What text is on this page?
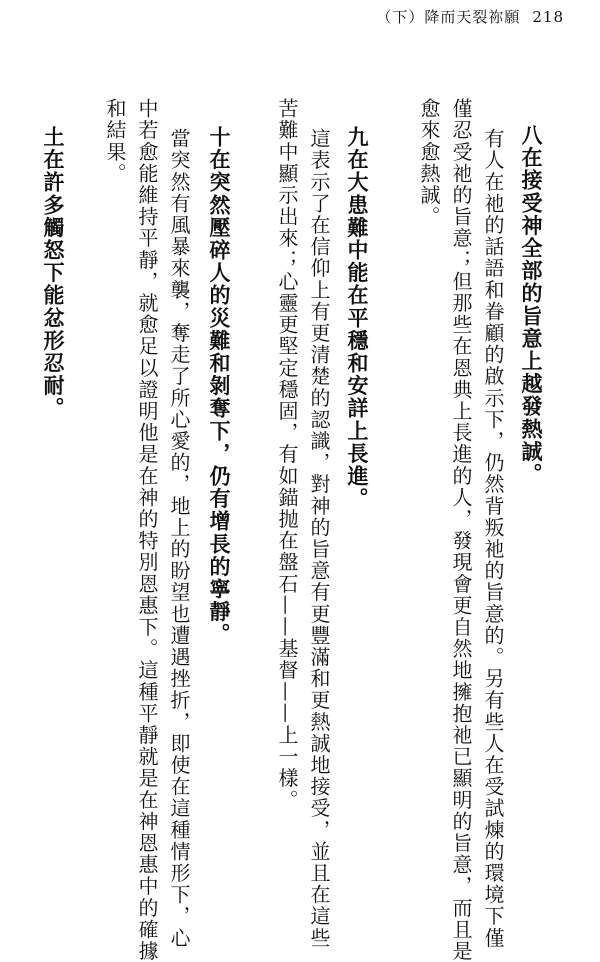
（下）降而天裂祢願 218
八在接受神全部的旨意上越發熱誠。
有人在祂的話語和眷顧的啟示下，仍然背叛祂的旨意的。另有些人在受試煉的環境下僅
僅忍受祂的旨意；但那些在恩典上長進的人，發現會更自然地擁抱祂已顯明的旨意，而且是
愈來愈熱誠。
九在大患難中能在平穩和安詳上長進。
這表示了在信仰上有更清楚的認識，對神的旨意有更豐滿和更熱誠地接受，並且在這些
苦難中顯示出來；心靈更堅定穩固，有如錨抛在盤石——基督——上一樣。
十在突然壓碎人的災難和剝奪下，仍有增長的寧靜。
當突然有風暴來襲，奪走了所心愛的，地上的盼望也遭遇挫折，即使在這種情形下，心
中若愈能維持平靜，就愈足以證明他是在神的特別恩惠下。這種平靜就是在神恩惠中的確據
和結果。
土在許多觸怒下能忿形忍耐。
